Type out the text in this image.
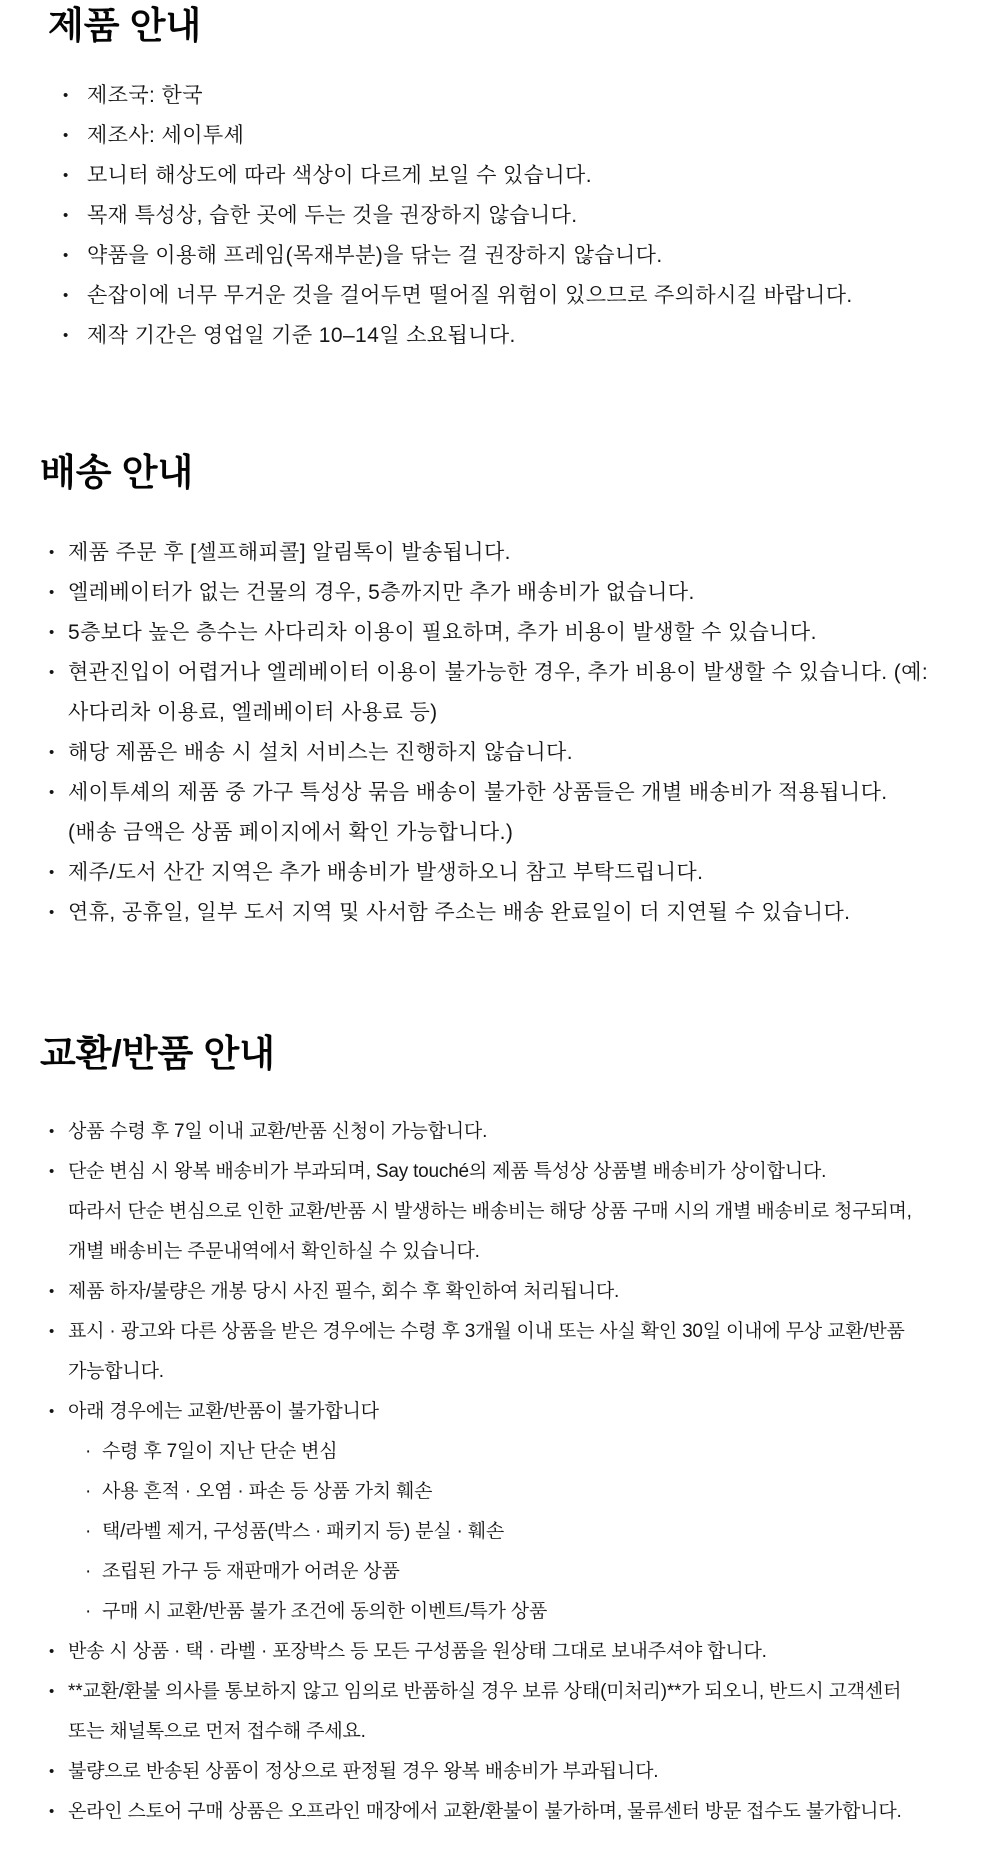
제품 안내
• 제조국: 한국
• 제조사: 세이투셰
• 모니터 해상도에 따라 색상이 다르게 보일 수 있습니다.
• 목재 특성상, 습한 곳에 두는 것을 권장하지 않습니다.
• 약품을 이용해 프레임(목재부분)을 닦는 걸 권장하지 않습니다.
• 손잡이에 너무 무거운 것을 걸어두면 떨어질 위험이 있으므로 주의하시길 바랍니다.
• 제작 기간은 영업일 기준 10–14일 소요됩니다.
배송 안내
• 제품 주문 후 [셀프해피콜] 알림톡이 발송됩니다.
• 엘레베이터가 없는 건물의 경우, 5층까지만 추가 배송비가 없습니다.
• 5층보다 높은 층수는 사다리차 이용이 필요하며, 추가 비용이 발생할 수 있습니다.
• 현관진입이 어렵거나 엘레베이터 이용이 불가능한 경우, 추가 비용이 발생할 수 있습니다. (예:
사다리차 이용료, 엘레베이터 사용료 등)
• 해당 제품은 배송 시 설치 서비스는 진행하지 않습니다.
• 세이투셰의 제품 중 가구 특성상 묶음 배송이 불가한 상품들은 개별 배송비가 적용됩니다.
(배송 금액은 상품 페이지에서 확인 가능합니다.)
• 제주/도서 산간 지역은 추가 배송비가 발생하오니 참고 부탁드립니다.
• 연휴, 공휴일, 일부 도서 지역 및 사서함 주소는 배송 완료일이 더 지연될 수 있습니다.
교환/반품 안내
• 상품 수령 후 7일 이내 교환/반품 신청이 가능합니다.
• 단순 변심 시 왕복 배송비가 부과되며, Say touché의 제품 특성상 상품별 배송비가 상이합니다.
따라서 단순 변심으로 인한 교환/반품 시 발생하는 배송비는 해당 상품 구매 시의 개별 배송비로 청구되며,
개별 배송비는 주문내역에서 확인하실 수 있습니다.
• 제품 하자/불량은 개봉 당시 사진 필수, 회수 후 확인하여 처리됩니다.
• 표시 · 광고와 다른 상품을 받은 경우에는 수령 후 3개월 이내 또는 사실 확인 30일 이내에 무상 교환/반품
가능합니다.
• 아래 경우에는 교환/반품이 불가합니다
· 수령 후 7일이 지난 단순 변심
· 사용 흔적 · 오염 · 파손 등 상품 가치 훼손
· 택/라벨 제거, 구성품(박스 · 패키지 등) 분실 · 훼손
· 조립된 가구 등 재판매가 어려운 상품
· 구매 시 교환/반품 불가 조건에 동의한 이벤트/특가 상품
• 반송 시 상품 · 택 · 라벨 · 포장박스 등 모든 구성품을 원상태 그대로 보내주셔야 합니다.
• **교환/환불 의사를 통보하지 않고 임의로 반품하실 경우 보류 상태(미처리)**가 되오니, 반드시 고객센터
또는 채널톡으로 먼저 접수해 주세요.
• 불량으로 반송된 상품이 정상으로 판정될 경우 왕복 배송비가 부과됩니다.
• 온라인 스토어 구매 상품은 오프라인 매장에서 교환/환불이 불가하며, 물류센터 방문 접수도 불가합니다.
